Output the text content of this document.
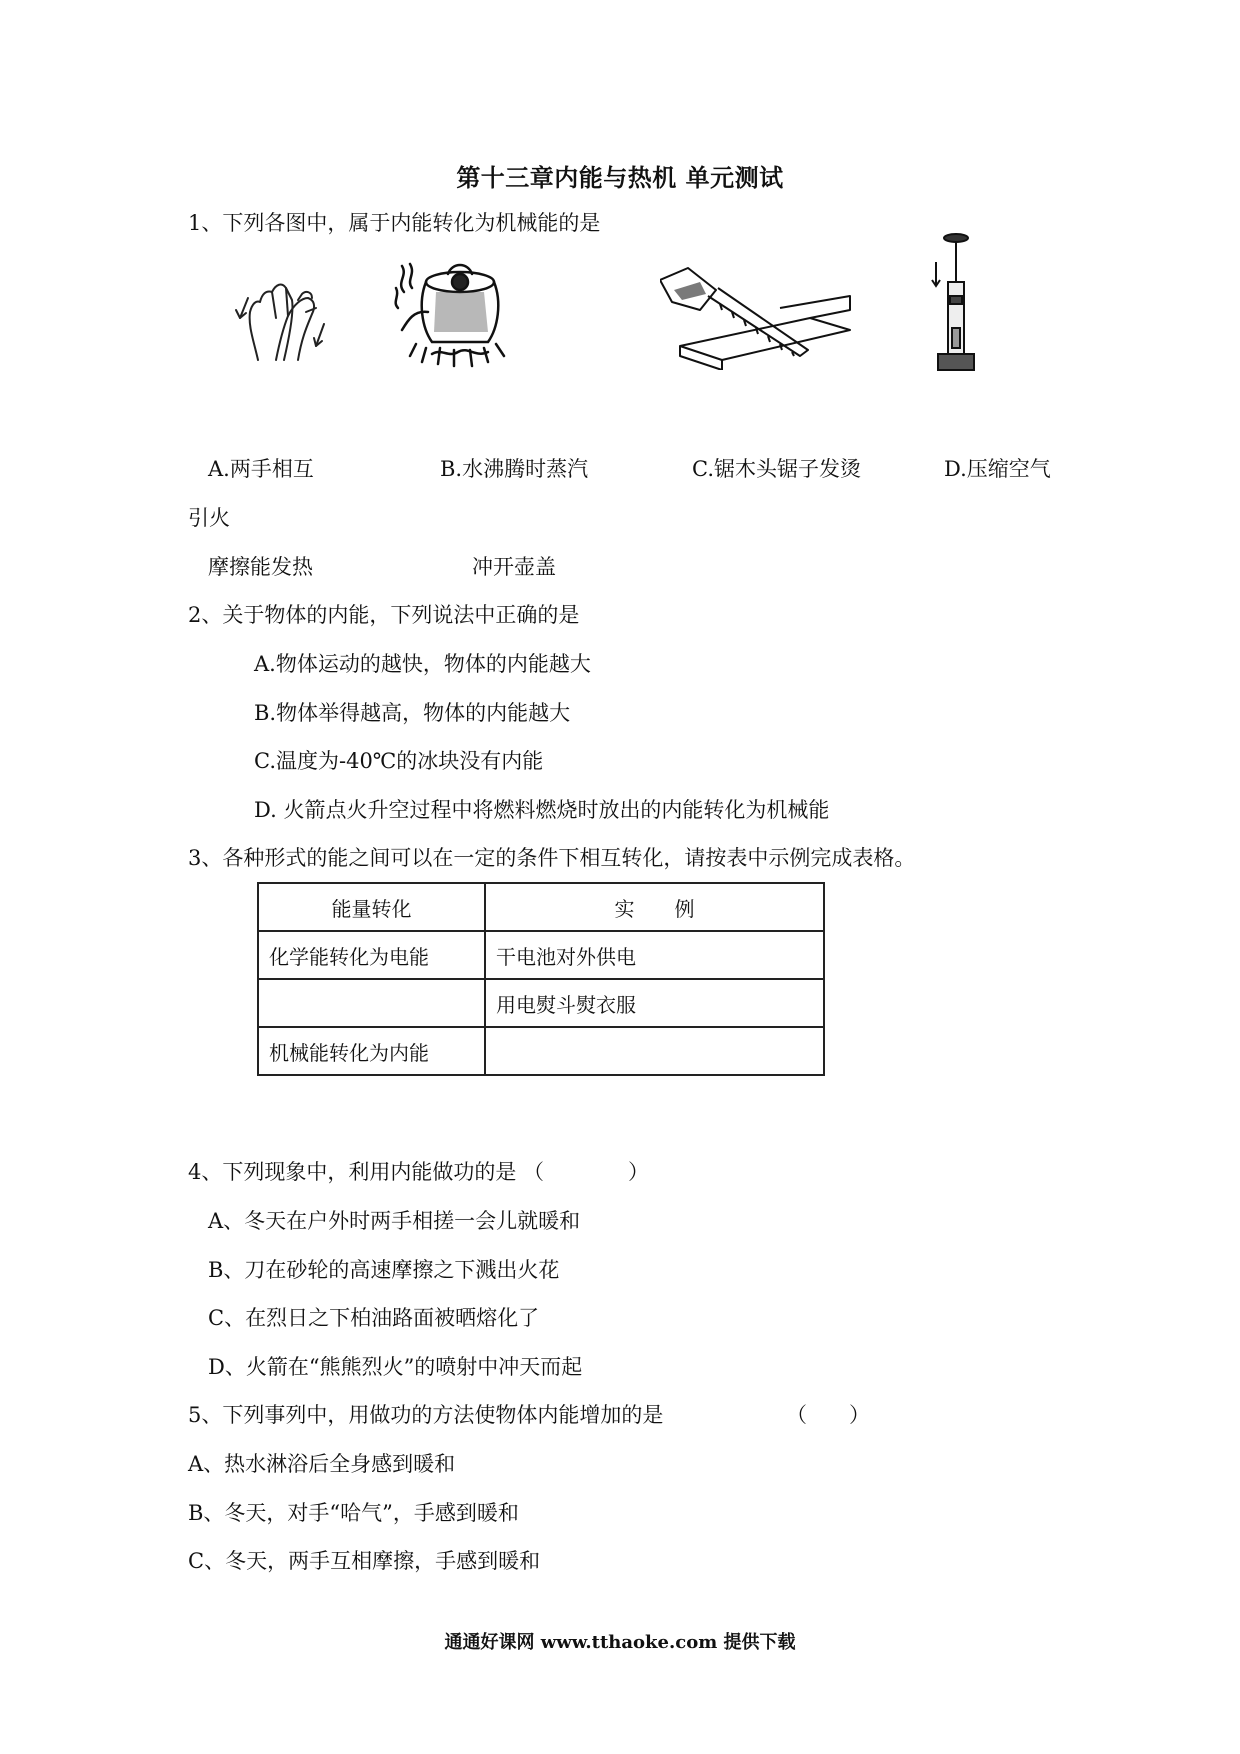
第十三章内能与热机 单元测试
1、下列各图中，属于内能转化为机械能的是
A.两手相互	B.水沸腾时蒸汽	C.锯木头锯子发烫	D.压缩空气
引火
摩擦能发热	冲开壶盖
2、关于物体的内能，下列说法中正确的是
A.物体运动的越快，物体的内能越大
B.物体举得越高，物体的内能越大
C.温度为-40℃的冰块没有内能
D. 火箭点火升空过程中将燃料燃烧时放出的内能转化为机械能
3、各种形式的能之间可以在一定的条件下相互转化，请按表中示例完成表格。
能量转化	实　　例
化学能转化为电能	干电池对外供电
	用电熨斗熨衣服
机械能转化为内能	
4、下列现象中，利用内能做功的是 （　　　　）
A、冬天在户外时两手相搓一会儿就暖和
B、刀在砂轮的高速摩擦之下溅出火花
C、在烈日之下柏油路面被晒熔化了
D、火箭在“熊熊烈火”的喷射中冲天而起
5、下列事列中，用做功的方法使物体内能增加的是	（　　）
A、热水淋浴后全身感到暖和
B、冬天，对手“哈气”，手感到暖和
C、冬天，两手互相摩擦，手感到暖和
通通好课网 www.tthaoke.com 提供下载
